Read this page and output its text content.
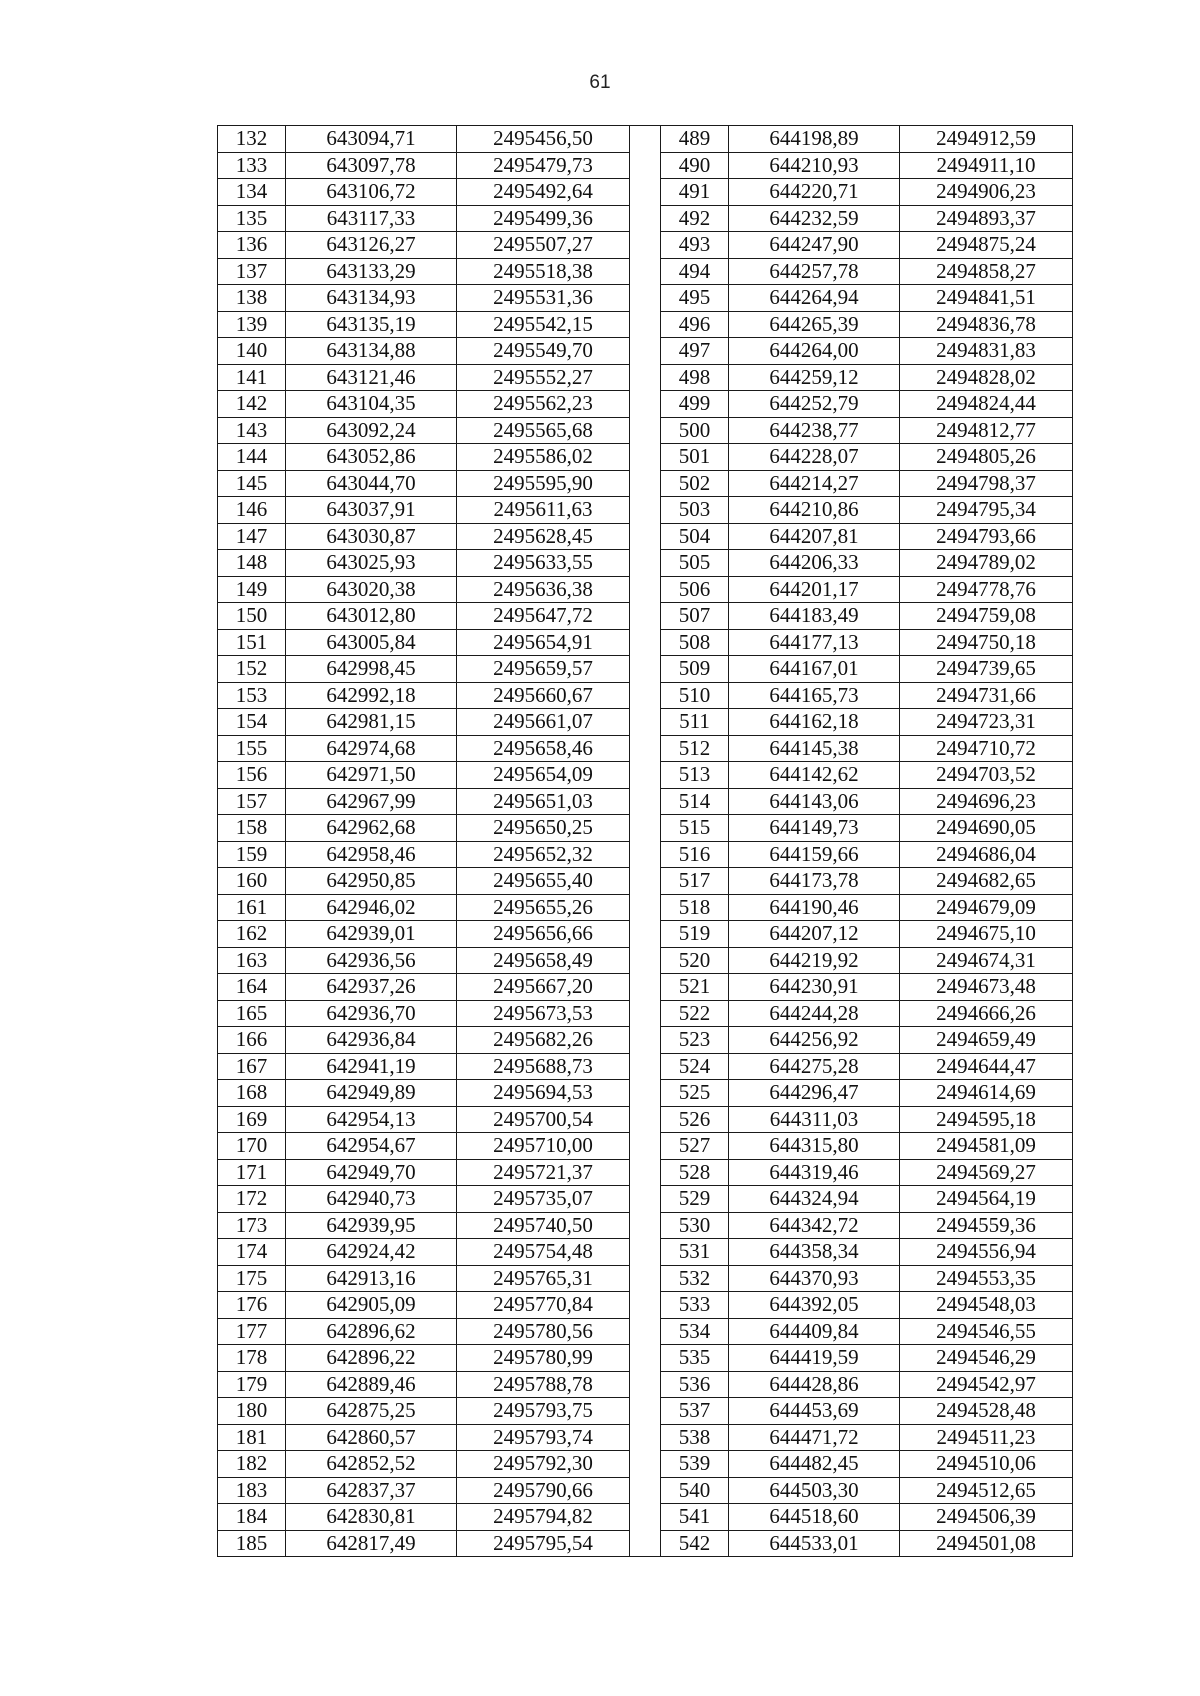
61
132	643094,71	2495456,50
133	643097,78	2495479,73
134	643106,72	2495492,64
135	643117,33	2495499,36
136	643126,27	2495507,27
137	643133,29	2495518,38
138	643134,93	2495531,36
139	643135,19	2495542,15
140	643134,88	2495549,70
141	643121,46	2495552,27
142	643104,35	2495562,23
143	643092,24	2495565,68
144	643052,86	2495586,02
145	643044,70	2495595,90
146	643037,91	2495611,63
147	643030,87	2495628,45
148	643025,93	2495633,55
149	643020,38	2495636,38
150	643012,80	2495647,72
151	643005,84	2495654,91
152	642998,45	2495659,57
153	642992,18	2495660,67
154	642981,15	2495661,07
155	642974,68	2495658,46
156	642971,50	2495654,09
157	642967,99	2495651,03
158	642962,68	2495650,25
159	642958,46	2495652,32
160	642950,85	2495655,40
161	642946,02	2495655,26
162	642939,01	2495656,66
163	642936,56	2495658,49
164	642937,26	2495667,20
165	642936,70	2495673,53
166	642936,84	2495682,26
167	642941,19	2495688,73
168	642949,89	2495694,53
169	642954,13	2495700,54
170	642954,67	2495710,00
171	642949,70	2495721,37
172	642940,73	2495735,07
173	642939,95	2495740,50
174	642924,42	2495754,48
175	642913,16	2495765,31
176	642905,09	2495770,84
177	642896,62	2495780,56
178	642896,22	2495780,99
179	642889,46	2495788,78
180	642875,25	2495793,75
181	642860,57	2495793,74
182	642852,52	2495792,30
183	642837,37	2495790,66
184	642830,81	2495794,82
185	642817,49	2495795,54
489	644198,89	2494912,59
490	644210,93	2494911,10
491	644220,71	2494906,23
492	644232,59	2494893,37
493	644247,90	2494875,24
494	644257,78	2494858,27
495	644264,94	2494841,51
496	644265,39	2494836,78
497	644264,00	2494831,83
498	644259,12	2494828,02
499	644252,79	2494824,44
500	644238,77	2494812,77
501	644228,07	2494805,26
502	644214,27	2494798,37
503	644210,86	2494795,34
504	644207,81	2494793,66
505	644206,33	2494789,02
506	644201,17	2494778,76
507	644183,49	2494759,08
508	644177,13	2494750,18
509	644167,01	2494739,65
510	644165,73	2494731,66
511	644162,18	2494723,31
512	644145,38	2494710,72
513	644142,62	2494703,52
514	644143,06	2494696,23
515	644149,73	2494690,05
516	644159,66	2494686,04
517	644173,78	2494682,65
518	644190,46	2494679,09
519	644207,12	2494675,10
520	644219,92	2494674,31
521	644230,91	2494673,48
522	644244,28	2494666,26
523	644256,92	2494659,49
524	644275,28	2494644,47
525	644296,47	2494614,69
526	644311,03	2494595,18
527	644315,80	2494581,09
528	644319,46	2494569,27
529	644324,94	2494564,19
530	644342,72	2494559,36
531	644358,34	2494556,94
532	644370,93	2494553,35
533	644392,05	2494548,03
534	644409,84	2494546,55
535	644419,59	2494546,29
536	644428,86	2494542,97
537	644453,69	2494528,48
538	644471,72	2494511,23
539	644482,45	2494510,06
540	644503,30	2494512,65
541	644518,60	2494506,39
542	644533,01	2494501,08
